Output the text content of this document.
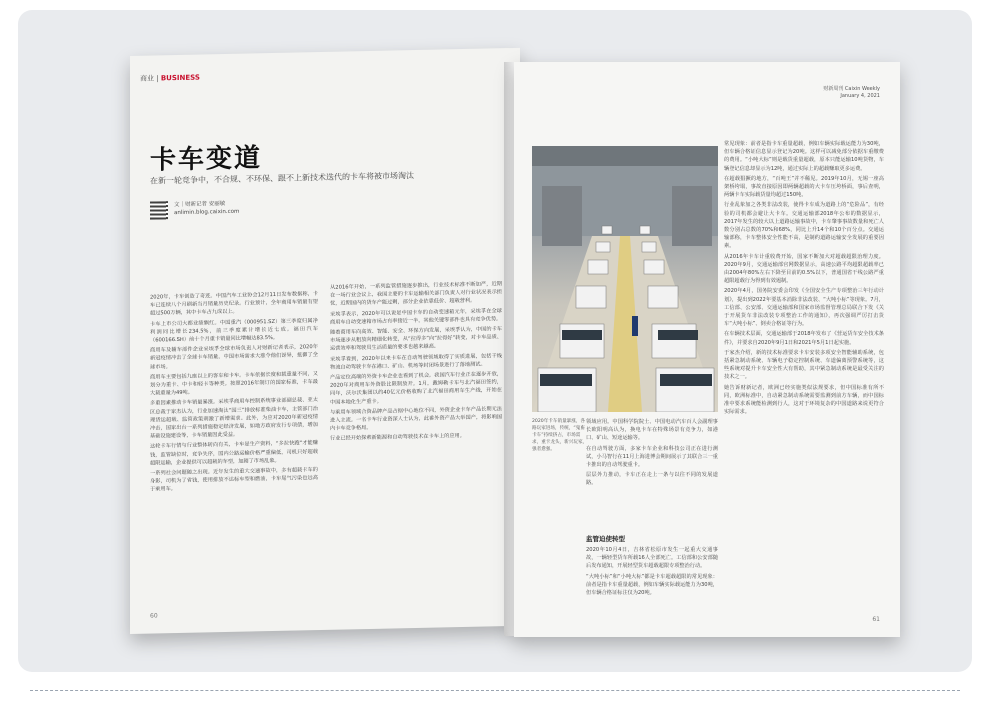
商业 | BUSINESS
卡车变道
在新一轮竞争中，不合规、不环保、跟不上新技术迭代的卡车将被市场淘汰
文｜财新记者 安丽敏
anlimin.blog.caixin.com

2020年，卡车创造了奇迹。中国汽车工业协会12月11日发布数据称，卡车已连续八个月刷新当月销量历史纪录。行业预计，全年商用车销量有望超过500万辆，其中卡车占九成以上。

卡车上市公司大都业绩飘红。中国重汽（000951.SZ）第三季度归属净利润同比增长234.5%，前三季度累计增长近七成。福田汽车（600166.SH）前十个月重卡销量同比增幅达83.5%。

商用车及辅车部件企业采埃孚全球市场负责人对财新记者表示，2020年新冠疫情冲击了全球卡车销量，中国市场需求大涨令他们讶异，抵御了全球市场。

商用车主要包括九座以上的客车和卡车。卡车依据长度和载重量不同，又划分为重卡、中卡和轻卡等种类。按照2016年制订的国家标准，卡车最大载重量为49吨。

多重因素推动卡车销量暴涨。采埃孚商用车控制系统事业部副总裁、亚太区总裁于家杰认为，行业加速淘汰“国三”排放标准柴油卡车，主管部门治理货运超载、监管政策刺激了新增需求。此外，为应对2020年新冠疫情冲击，国家出台一系列措施稳定经济发展，如地方政府发行专项债，增加基础设施建设等，卡车销量因此受益。

这轮卡车行情与行业整体转向有关，卡车是生产资料，“多拉快跑”才能赚钱，监管缺位时，竞争失序，国内公路运输价格严重偏低，司机只好超载超限运输，企业提供可以超载的车型，加剧了市场乱象。

一系列社会问题随之出现。近年发生的重大交通事故中，多有超载卡车的身影，司机为了省钱，使用排放不达标车型和燃油，卡车尾气污染也远高于乘用车。

从2016年开始，一系列监管措施逐步推出，行业技术标准不断加严，近期在一场行业会议上，我国主要的卡车运输相关部门负责人对行业状况表示担忧，近期国内的货车产能过剩，部分企业依靠低价、超载营利。

采埃孚表示，2020年可以说是中国卡车的自动变速箱元年，采埃孚在全球商用车自动变速箱市场占有率接近一半，其他关键零部件也具有竞争优势。

随着商用车向高效、智能、安全、环保方向发展，采埃孚认为，中国的卡车市场逐步从粗放向精细化转变，从“拉得多”向“拉得好”转变，对卡车品质、运营效率和驾驶员生活质量的要求也越来越高。

采埃孚看到，2020年以来卡车在自动驾驶领域取得了实质进展，包括干线物流自动驾驶卡车在港口、矿山、机场等封闭场景进行了落地测试。

产品定位高端的外资卡车企业也看到了机会。我国汽车行业正在逐步开放，2020年对商用车外资股比限制放开。1月，戴姆勒卡车与北汽福田签约，同年，沃尔沃集团以约40亿元价格收购了北汽福田商用车生产线，开始在中国本地化生产重卡。

与乘用车领域合资品牌产品占据中心地位不同，外资企业卡车产品长期无法进入主流。一名卡车行业资深人士认为，此番外资产品大举国产，将影响国内卡车竞争格局。

行业已经开始探索新能源和自动驾驶技术在卡车上的应用。

60
财新周刊 Caixin Weekly
January 4, 2021
2020年卡车销量暴涨，各路玩家进场，传统，“鬼畜卡车”持续挤占，市场需求，重卡龙头，新兴玩家，强者愈强。

常见现象：前者是指卡车重量超载，例如车辆实际载运能力为30吨，但车辆合格证信息显示登记为20吨。这样可以减免部分依据车重缴费的费用。“小吨大标”则是载货重量超载，原本只能运输10吨货物，车辆登记信息却显示为12吨，通过实际上的超载赚取更多运费。

在超载猖獗的地方，“百吨王”并不稀见。2019年10月，无锡一座高架桥垮塌，事故直接原因即两辆超载的大卡车压垮桥面，事后查明，两辆卡车实际载货量均超过150吨。

行业乱象加之各类非法改装，使得卡车成为道路上的“危险品”，有经验的司机都会避让大卡车。交通运输部2018年公布的数据显示，2017年发生的较大以上道路运输事故中，卡车肇事事故数量和死亡人数分别占总数的70%和68%，同比上升14个和10个百分点。交通运输部称，卡车整体安全性能不高，是制约道路运输安全发展的重要因素。

从2016年卡车计重收费开始，国家不断加大对超载超限治理力度。2020年9月，交通运输部官网数据显示，高速公路平均超限超载率已由2004年80%左右下降至目前的0.5%以下，普通国省干线公路严重超限超载行为得到有效遏制。

2020年4月，国务院安委会印发《全国安全生产专项整治三年行动计划》，提出到2022年要基本消除非法改装、“大吨小标”等现象。7月，工信部、公安部、交通运输部和国家市场监督管理总局联合下发《关于开展货车非法改装专项整治工作的通知》，再次强调严厉打击货车“大吨小标”、倒卖合格证等行为。

在车辆技术层面，交通运输部于2018年发布了《营运货车安全技术条件》，并要求自2020年9月1日和2021年5月1日起实施。

于家杰介绍，新的技术标准要求卡车安装多项安全智能辅助系统，包括紧急制动系统、车辆电子稳定控制系统、车道偏离预警系统等，这些系统对提升卡车安全性大有帮助，其中紧急制动系统是最受关注的技术之一。

她告诉财新记者，欧洲已经实施类似法规要求，但中国标准有所不同，欧洲标准中，自动紧急制动系统需要监测到前方车辆，而中国标准中要求系统能检测到行人，这对于环境复杂的中国道路来说更符合实际需求。

领域应用。中国科学院院士、中国电动汽车百人会副理事长欧阳明高认为，换电卡车在特殊场景有竞争力，如港口、矿山、短途运输等。

在自动驾驶方面，多家卡车企业和科技公司正在进行测试，小马智行在11月上海进博会期间展示了其联合三一重卡推出的自动驾驶重卡。

层层外力推动，卡车正在走上一条与以往不同的发展道路。

监管迫使转型

2020年10月4日，吉林省松原市发生一起重大交通事故，一辆轻型货车所载16人全部死亡。工信部和公安部随后发布通知，开展轻型货车超载超限专项整治行动。

“大吨小标”和“小吨大标”都是卡车超载超限的常见现象：前者是指卡车重量超载，例如车辆实际载运能力为30吨，但车辆合格证标注仅为20吨。

61
